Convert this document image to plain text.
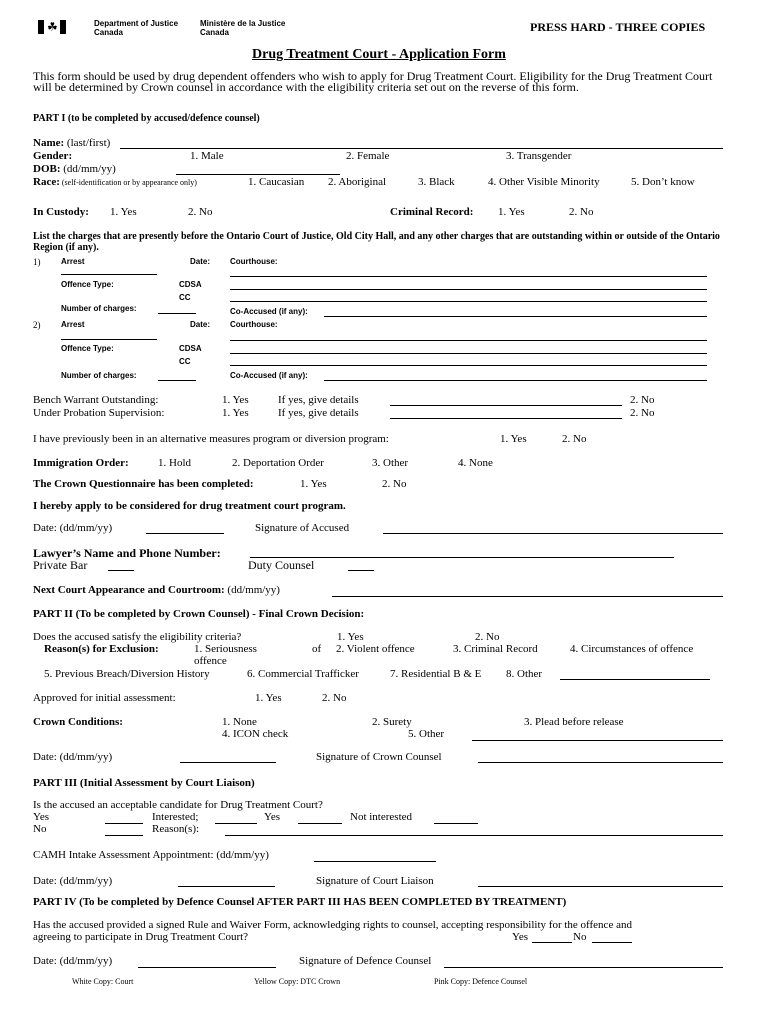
☘	Department of Justice
Canada
Ministère de la Justice
Canada	PRESS HARD - THREE COPIES
Drug Treatment Court - Application Form
This form should be used by drug dependent offenders who wish to apply for Drug Treatment Court. Eligibility for the Drug Treatment Court will be determined by Crown counsel in accordance with the eligibility criteria set out on the reverse of this form.
PART I (to be completed by accused/defence counsel)
Name: (last/first)
Gender:	1. Male	2. Female	3. Transgender
DOB: (dd/mm/yy)
Race: (self-identification or by appearance only)	1. Caucasian 2. Aboriginal	3. Black	4. Other Visible Minority	5. Don’t know
In Custody: 1. Yes	2. No	Criminal Record: 1. Yes	2. No
List the charges that are presently before the Ontario Court of Justice, Old City Hall, and any other charges that are outstanding within or outside of the Ontario Region (if any).
1)	Arrest	Date: Courthouse:
Offence Type:	CDSA
CC
Number of charges:	Co-Accused (if any):
2)	Arrest	Date: Courthouse:
Offence Type:	CDSA
CC
Number of charges:	Co-Accused (if any):
Bench Warrant Outstanding:	1. Yes	If yes, give details	2. No
Under Probation Supervision:	1. Yes	If yes, give details	2. No
I have previously been in an alternative measures program or diversion program:	1. Yes	2. No
Immigration Order:	1. Hold	2. Deportation Order	3. Other	4. None
The Crown Questionnaire has been completed:	1. Yes	2. No
I hereby apply to be considered for drug treatment court program.
Date: (dd/mm/yy)	Signature of Accused
Lawyer’s Name and Phone Number:
Private Bar	Duty Counsel
Next Court Appearance and Courtroom: (dd/mm/yy)
PART II (To be completed by Crown Counsel) - Final Crown Decision:
Does the accused satisfy the eligibility criteria?	1. Yes	2. No
Reason(s) for Exclusion:	1. Seriousness	of 2. Violent offence	3. Criminal Record	4. Circumstances of offence
offence
5. Previous Breach/Diversion History	6. Commercial Trafficker	7. Residential B & E 8. Other
Approved for initial assessment:	1. Yes	2. No
Crown Conditions:	1. None	2. Surety	3. Plead before release
4. ICON check	5. Other
Date: (dd/mm/yy)	Signature of Crown Counsel
PART III (Initial Assessment by Court Liaison)
Is the accused an acceptable candidate for Drug Treatment Court?
Yes	Interested;	Yes	Not interested
No	Reason(s):
CAMH Intake Assessment Appointment: (dd/mm/yy)
Date: (dd/mm/yy)	Signature of Court Liaison
PART IV (To be completed by Defence Counsel AFTER PART III HAS BEEN COMPLETED BY TREATMENT)
Has the accused provided a signed Rule and Waiver Form, acknowledging rights to counsel, accepting responsibility for the offence and
agreeing to participate in Drug Treatment Court?	Yes	No
Date: (dd/mm/yy)	Signature of Defence Counsel
White Copy: Court	Yellow Copy: DTC Crown	Pink Copy: Defence Counsel
